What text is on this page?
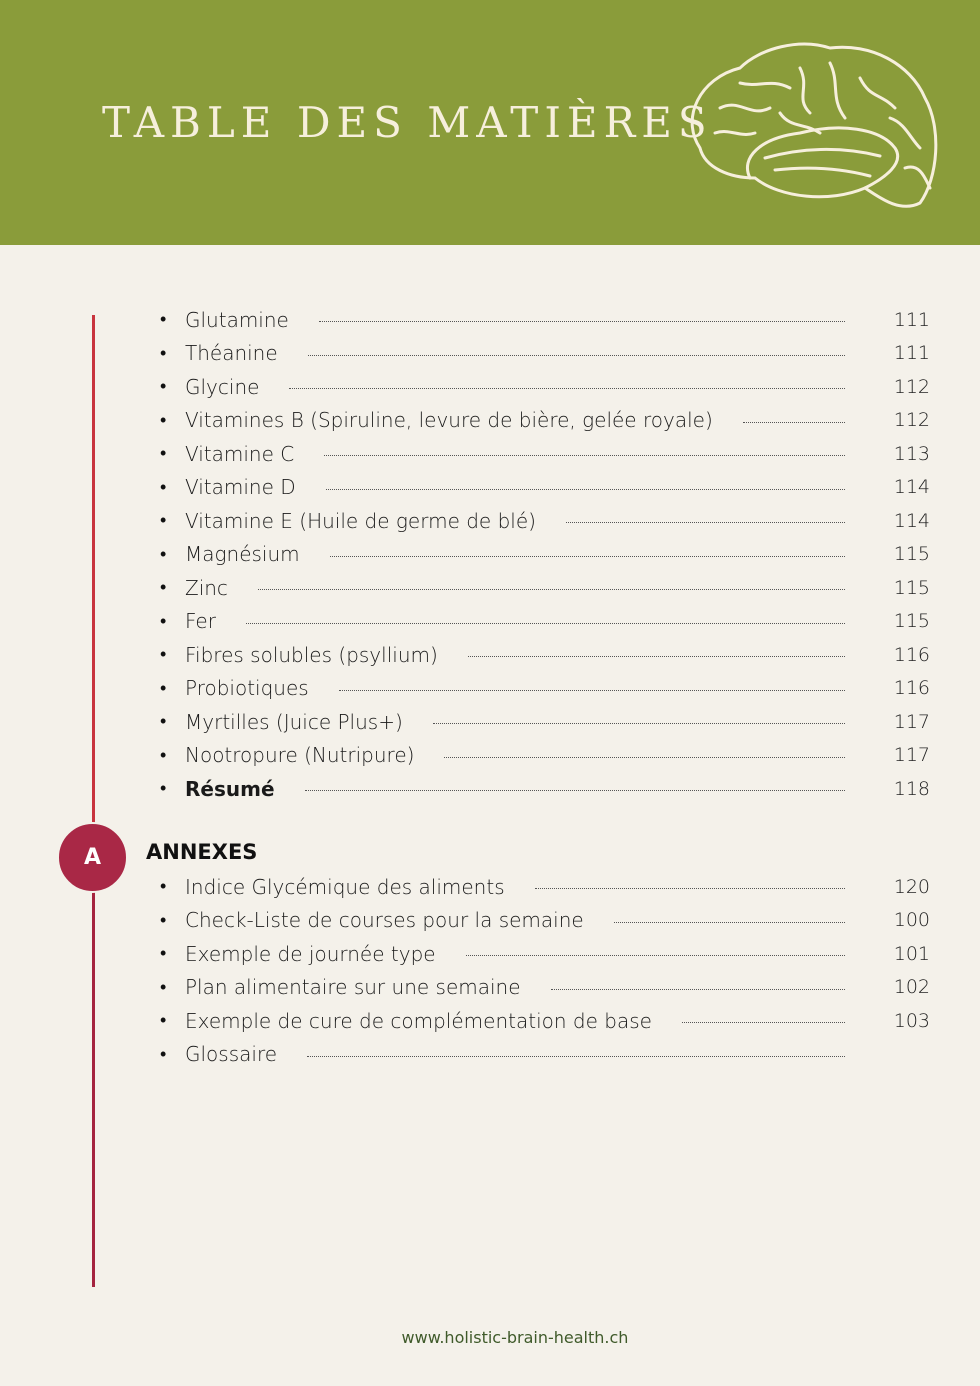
TABLE DES MATIÈRES
• Glutamine	111
• Théanine	111
• Glycine	112
• Vitamines B (Spiruline, levure de bière, gelée royale)	112
• Vitamine C	113
• Vitamine D	114
• Vitamine E (Huile de germe de blé)	114
• Magnésium	115
• Zinc	115
• Fer	115
• Fibres solubles (psyllium)	116
• Probiotiques	116
• Myrtilles (Juice Plus+)	117
• Nootropure (Nutripure)	117
• Résumé	118
A	ANNEXES
• Indice Glycémique des aliments	120
• Check-Liste de courses pour la semaine	100
• Exemple de journée type	101
• Plan alimentaire sur une semaine	102
• Exemple de cure de complémentation de base	103
• Glossaire
www.holistic-brain-health.ch
